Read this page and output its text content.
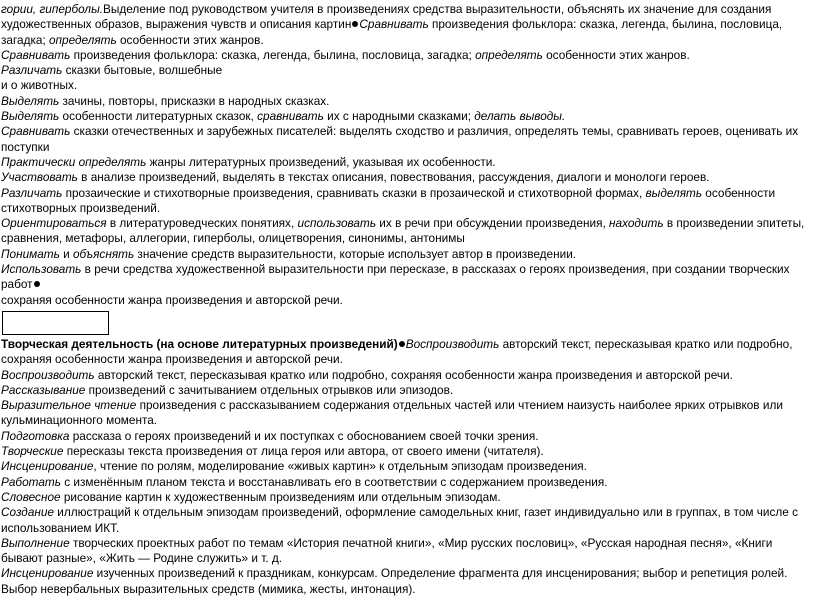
гории, гиперболы.Выделение под руководством учителя в произведениях средства выразительности, объяснять их значение для создания художественных образов, выражения чувств и описания картин Сравнивать произведения фольклора: сказка, легенда, былина, пословица, загадка; определять особенности этих жанров.

Сравнивать произведения фольклора: сказка, легенда, былина, пословица, загадка; определять особенности этих жанров.

Различать сказки бытовые, волшебные

и о животных.

Выделять зачины, повторы, присказки в народных сказках.

Выделять особенности литературных сказок, сравнивать их с народными сказками; делать выводы.

Сравнивать сказки отечественных и зарубежных писателей: выделять сходство и различия, определять темы, сравнивать героев, оценивать их поступки

Практически определять жанры литературных произведений, указывая их особенности.

Участвовать в анализе произведений, выделять в текстах описания, повествования, рассуждения, диалоги и монологи героев.

Различать прозаические и стихотворные произведения, сравнивать сказки в прозаической и стихотворной формах, выделять особенности стихотворных произведений.

Ориентироваться в литературоведческих понятиях, использовать их в речи при обсуждении произведения, находить в произведении эпитеты, сравнения, метафоры, аллегории, гиперболы, олицетворения, синонимы, антонимы

Понимать и объяснять значение средств выразительности, которые использует автор в произведении.

Использовать в речи средства художественной выразительности при пересказе, в рассказах о героях произведения, при создании творческих работ

сохраняя особенности жанра произведения и авторской речи.

Творческая деятельность (на основе литературных произведений) Воспроизводить авторский текст, пересказывая кратко или подробно, сохраняя особенности жанра произведения и авторской речи.

Воспроизводить авторский текст, пересказывая кратко или подробно, сохраняя особенности жанра произведения и авторской речи.

Рассказывание произведений с зачитыванием отдельных отрывков или эпизодов.

Выразительное чтение произведения с рассказыванием содержания отдельных частей или чтением наизусть наиболее ярких отрывков или кульминационного момента.

Подготовка рассказа о героях произведений и их поступках с обоснованием своей точки зрения.

Творческие пересказы текста произведения от лица героя или автора, от своего имени (читателя).

Инсценирование, чтение по ролям, моделирование «живых картин» к отдельным эпизодам произведения.

Работать с изменённым планом текста и восстанавливать его в соответствии с содержанием произведения.

Словесное рисование картин к художественным произведениям или отдельным эпизодам.

Создание иллюстраций к отдельным эпизодам произведений, оформление самодельных книг, газет индивидуально или в группах, в том числе с использованием ИКТ.

Выполнение творческих проектных работ по темам «История печатной книги», «Мир русских пословиц», «Русская народная песня», «Книги бывают разные», «Жить — Родине служить» и т. д.

Инсценирование изученных произведений к праздникам, конкурсам. Определение фрагмента для инсценирования; выбор и репетиция ролей. Выбор невербальных выразительных средств (мимика, жесты, интонация).
